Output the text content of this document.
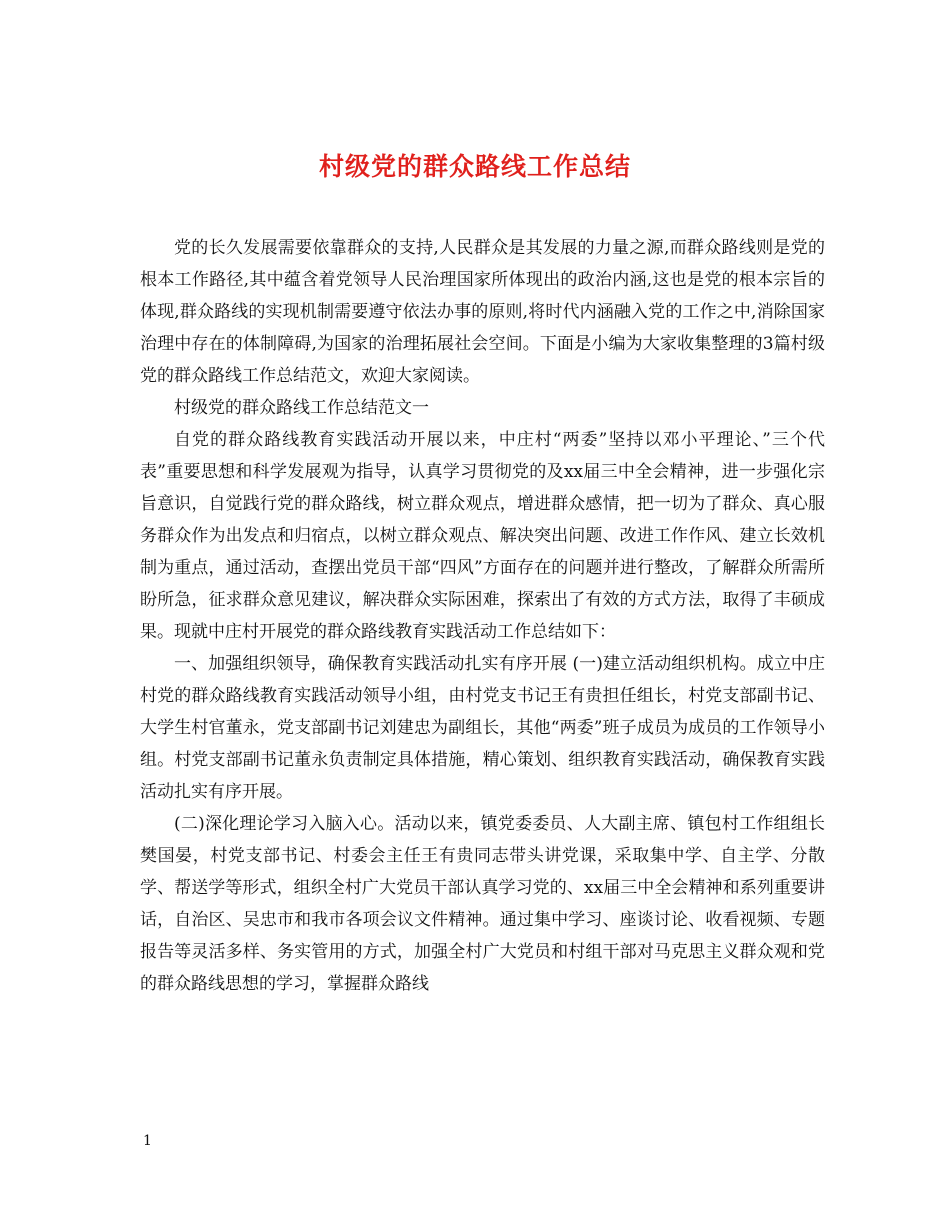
村级党的群众路线工作总结

党的长久发展需要依靠群众的支持,人民群众是其发展的力量之源,而群众路线则是党的根本工作路径,其中蕴含着党领导人民治理国家所体现出的政治内涵,这也是党的根本宗旨的体现,群众路线的实现机制需要遵守依法办事的原则,将时代内涵融入党的工作之中,消除国家治理中存在的体制障碍,为国家的治理拓展社会空间。下面是小编为大家收集整理的3篇村级党的群众路线工作总结范文，欢迎大家阅读。

村级党的群众路线工作总结范文一

自党的群众路线教育实践活动开展以来，中庄村“两委”坚持以邓小平理论、”三个代表”重要思想和科学发展观为指导，认真学习贯彻党的及xx届三中全会精神，进一步强化宗旨意识，自觉践行党的群众路线，树立群众观点，增进群众感情，把一切为了群众、真心服务群众作为出发点和归宿点，以树立群众观点、解决突出问题、改进工作作风、建立长效机制为重点，通过活动，查摆出党员干部“四风”方面存在的问题并进行整改，了解群众所需所盼所急，征求群众意见建议，解决群众实际困难，探索出了有效的方式方法，取得了丰硕成果。现就中庄村开展党的群众路线教育实践活动工作总结如下：

一、加强组织领导，确保教育实践活动扎实有序开展 (一)建立活动组织机构。成立中庄村党的群众路线教育实践活动领导小组，由村党支书记王有贵担任组长，村党支部副书记、大学生村官董永，党支部副书记刘建忠为副组长，其他“两委”班子成员为成员的工作领导小组。村党支部副书记董永负责制定具体措施，精心策划、组织教育实践活动，确保教育实践活动扎实有序开展。

(二)深化理论学习入脑入心。活动以来，镇党委委员、人大副主席、镇包村工作组组长樊国晏，村党支部书记、村委会主任王有贵同志带头讲党课，采取集中学、自主学、分散学、帮送学等形式，组织全村广大党员干部认真学习党的、xx届三中全会精神和系列重要讲话，自治区、吴忠市和我市各项会议文件精神。通过集中学习、座谈讨论、收看视频、专题报告等灵活多样、务实管用的方式，加强全村广大党员和村组干部对马克思主义群众观和党的群众路线思想的学习，掌握群众路线

1
